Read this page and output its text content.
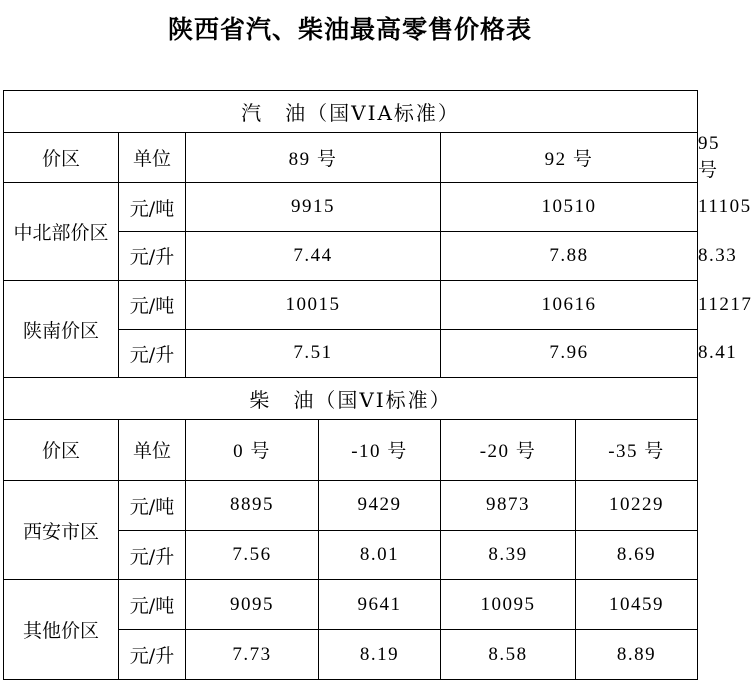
陕西省汽、柴油最高零售价格表
汽 油（国VIA标准）						
价区	单位	89 号		92 号		95 号
中北部价区	元/吨	9915		10510		11105
	元/升	7.44		7.88		8.33
陕南价区	元/吨	10015		10616		11217
	元/升	7.51		7.96		8.41
柴 油（国VI标准）						
价区	单位	0 号	-10 号	-20 号	-35 号	
西安市区	元/吨	8895	9429	9873	10229	
	元/升	7.56	8.01	8.39	8.69	
其他价区	元/吨	9095	9641	10095	10459	
	元/升	7.73	8.19	8.58	8.89	
